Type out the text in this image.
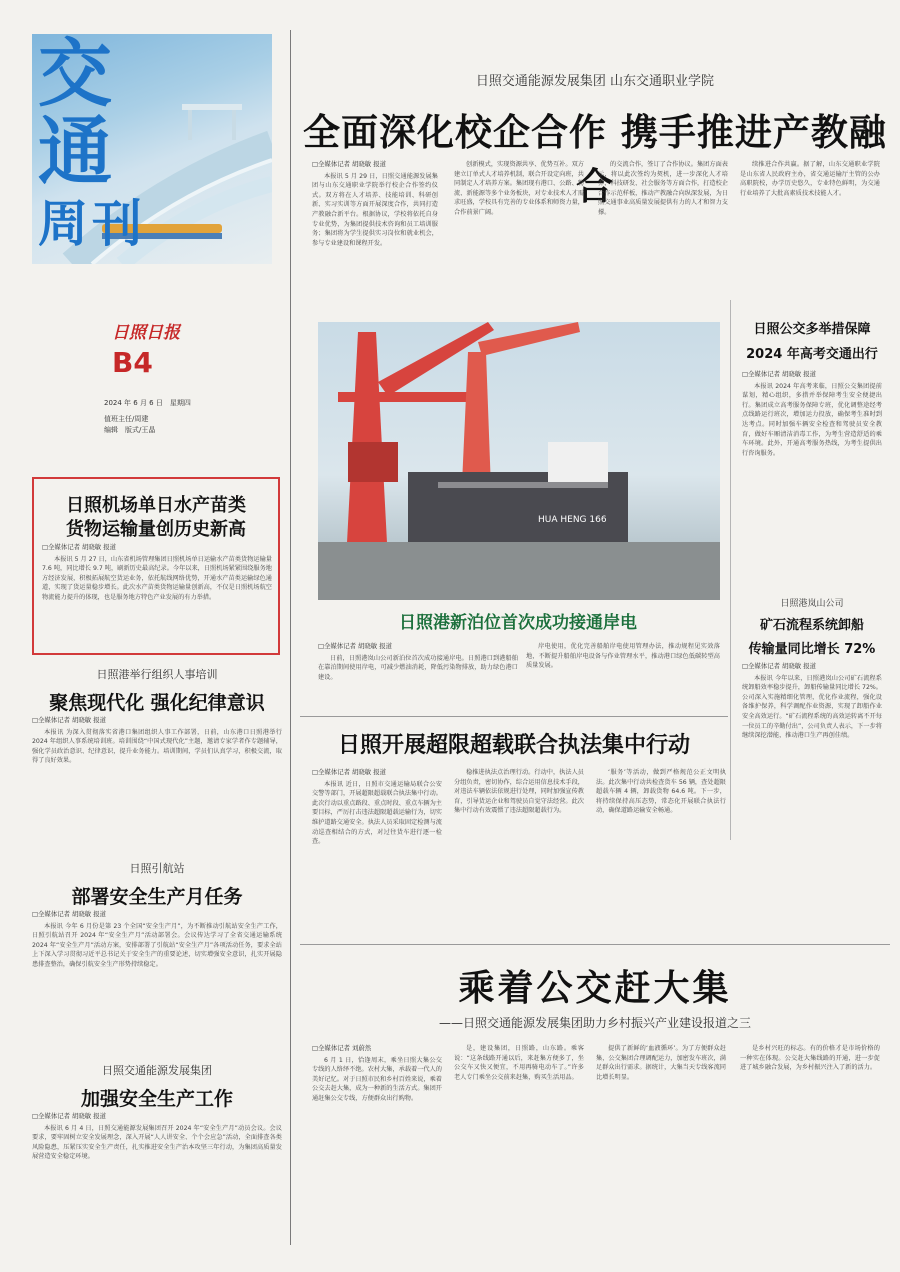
交
通
周刊
日照日报
B4
2024 年 6 月 6 日　星期四
值班主任/周建
编辑　版式/王晶
日照机场单日水产苗类
货物运输量创历史新高
□全媒体记者 胡晓敏 报道

本报讯 5 月 27 日，山东省机场管理集团日照机场单日运输水产苗类货物运输量 7.6 吨，同比增长 9.7 吨，刷新历史最高纪录。今年以来，日照机场紧紧围绕服务地方经济发展，积极拓展航空货运业务，依托航线网络优势，开通水产苗类运输绿色通道，实现了货运量稳步增长。此次水产苗类货物运输量创新高，不仅是日照机场航空物流能力提升的体现，也是服务地方特色产业发展的有力举措。

日照港举行组织人事培训
聚焦现代化 强化纪律意识
□全媒体记者 胡晓敏 报道

本报讯 为深入贯彻落实省港口集团组织人事工作部署，日前，山东港口日照港举行 2024 年组织人事系统培训班。培训围绕“中国式现代化”主题，邀请专家学者作专题辅导，强化学员政治意识、纪律意识，提升业务能力。培训期间，学员们认真学习，积极交流，取得了良好效果。

日照引航站
部署安全生产月任务
□全媒体记者 胡晓敏 报道

本报讯 今年 6 月份是第 23 个全国“安全生产月”，为不断推动引航站安全生产工作，日照引航站召开 2024 年“安全生产月”活动部署会。会议传达学习了全省交通运输系统 2024 年“安全生产月”活动方案，安排部署了引航站“安全生产月”各项活动任务，要求全站上下深入学习贯彻习近平总书记关于安全生产的重要论述，切实增强安全意识，扎实开展隐患排查整治，确保引航安全生产形势持续稳定。

日照交通能源发展集团
加强安全生产工作
□全媒体记者 胡晓敏 报道

本报讯 6 月 4 日，日照交通能源发展集团召开 2024 年“安全生产月”动员会议。会议要求，要牢固树立安全发展理念，深入开展“人人讲安全、个个会应急”活动，全面排查各类风险隐患，压紧压实安全生产责任，扎实推进安全生产治本攻坚三年行动，为集团高质量发展营造安全稳定环境。

日照交通能源发展集团 山东交通职业学院
全面深化校企合作 携手推进产教融合
□全媒体记者 胡晓敏 报道

本报讯 5 月 29 日，日照交通能源发展集团与山东交通职业学院举行校企合作签约仪式。双方将在人才培养、技能培训、科研创新、实习实训等方面开展深度合作，共同打造产教融合新平台。根据协议，学校将依托自身专业优势，为集团提供技术咨询和员工培训服务；集团将为学生提供实习岗位和就业机会，参与专业建设和课程开发。

创新模式，实现资源共享、优势互补。双方建立订单式人才培养机制，联合开设定向班，共同制定人才培养方案。集团现有港口、公路、物流、新能源等多个业务板块，对专业技术人才需求旺盛，学校具有完善的专业体系和师资力量，合作前景广阔。

的交流合作，签订了合作协议。集团方面表示，将以此次签约为契机，进一步深化人才培养、科技研发、社会服务等方面合作，打造校企合作示范样板，推动产教融合向纵深发展，为日照交通事业高质量发展提供有力的人才和智力支撑。

续推进合作共赢。据了解，山东交通职业学院是山东省人民政府主办，省交通运输厅主管的公办高职院校，办学历史悠久，专业特色鲜明，为交通行业培养了大批高素质技术技能人才。

HUA HENG 166
日照港新泊位首次成功接通岸电
□全媒体记者 胡晓敏 报道

日前，日照港岚山公司新泊位首次成功接通岸电。日照港口到港船舶在靠泊期间使用岸电，可减少燃油消耗，降低污染物排放，助力绿色港口建设。

岸电使用，优化完善船舶岸电使用管理办法，推动规程见实效落地，不断提升船舶岸电设备与作业管理水平，推动港口绿色低碳转型高质量发展。

日照公交多举措保障
2024 年高考交通出行
□全媒体记者 胡晓敏 报道

本报讯 2024 年高考来临，日照公交集团提前谋划，精心组织，多措并举保障考生安全便捷出行。集团成立高考服务保障专班，优化调整途经考点线路运行班次，增加运力投放，确保考生准时到达考点。同时加强车辆安全检查和驾驶员安全教育，做好车厢清洁消毒工作，为考生营造舒适的乘车环境。此外，开通高考服务热线，为考生提供出行咨询服务。

日照港岚山公司
矿石流程系统卸船
传输量同比增长 72%
□全媒体记者 胡晓敏 报道

本报讯 今年以来，日照港岚山公司矿石流程系统卸船效率稳步提升，卸船传输量同比增长 72%。公司深入实施精细化管理，优化作业流程，强化设备维护保养，科学调配作业资源，实现了卸船作业安全高效运行。“矿石流程系统的高效运转离不开每一位员工的辛勤付出”，公司负责人表示，下一步将继续深挖潜能，推动港口生产再创佳绩。

日照开展超限超载联合执法集中行动
□全媒体记者 胡晓敏 报道

本报讯 近日，日照市交通运输局联合公安交警等部门，开展超限超载联合执法集中行动。此次行动以重点路段、重点时段、重点车辆为主要目标，严厉打击违法超限超载运输行为，切实维护道路交通安全。执法人员采取固定检测与流动巡查相结合的方式，对过往货车进行逐一检查。

稳推进执法点治理行动。行动中，执法人员分组负责，密切协作，综合运用信息技术手段，对违法车辆依法依规进行处理，同时加强宣传教育，引导货运企业和驾驶员自觉守法经营。此次集中行动有效震慑了违法超限超载行为。

‘服务’等活动，做到严格规范公正文明执法。此次集中行动共检查货车 56 辆，查处超限超载车辆 4 辆，卸载货物 64.6 吨。下一步，将持续保持高压态势，常态化开展联合执法行动，确保道路运输安全畅通。

乘着公交赶大集
——日照交通能源发展集团助力乡村振兴产业建设报道之三
□全媒体记者 刘蔚然

6 月 1 日，恰逢周末，乘坐日照大集公交专线的人络绎不绝。农村大集，承载着一代人的美好记忆。对于日照市民和乡村百姓来说，乘着公交去赶大集，成为一种新的生活方式。集团开通赶集公交专线，方便群众出行购物。

是，建设集团，日照路，山东路。乘客说：“这条线路开通以后，来赶集方便多了，坐公交车又快又便宜，不用再骑电动车了。”许多老人专门乘坐公交前来赶集，购买生活用品。

提供了新鲜的‘血液循环’。为了方便群众赶集，公交集团合理调配运力，加密发车班次，满足群众出行需求。据统计，大集当天专线客流同比增长明显。

是乡村兴旺的标志。有的价格才是市场价格的一种实在体现。公交赶大集线路的开通，进一步促进了城乡融合发展，为乡村振兴注入了新的活力。
